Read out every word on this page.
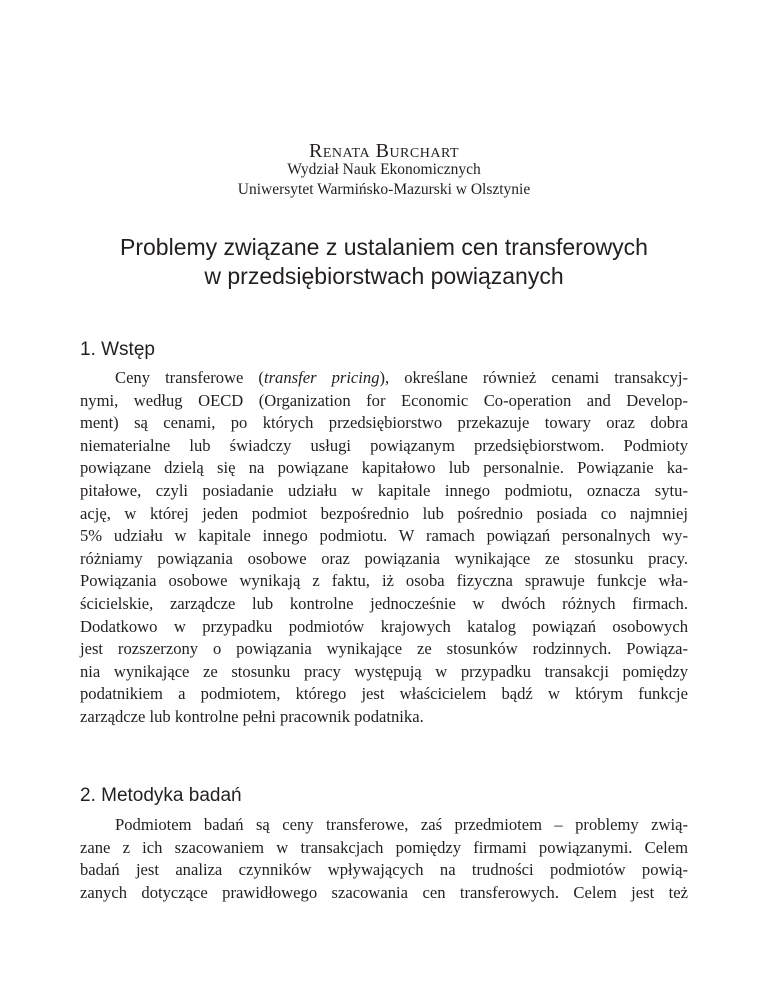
Renata Burchart
Wydział Nauk Ekonomicznych
Uniwersytet Warmińsko-Mazurski w Olsztynie
Problemy związane z ustalaniem cen transferowych
w przedsiębiorstwach powiązanych
1. Wstęp
Ceny transferowe (transfer pricing), określane również cenami transakcyj-
nymi, według OECD (Organization for Economic Co-operation and Develop-
ment) są cenami, po których przedsiębiorstwo przekazuje towary oraz dobra
niematerialne lub świadczy usługi powiązanym przedsiębiorstwom. Podmioty
powiązane dzielą się na powiązane kapitałowo lub personalnie. Powiązanie ka-
pitałowe, czyli posiadanie udziału w kapitale innego podmiotu, oznacza sytu-
ację, w której jeden podmiot bezpośrednio lub pośrednio posiada co najmniej
5% udziału w kapitale innego podmiotu. W ramach powiązań personalnych wy-
różniamy powiązania osobowe oraz powiązania wynikające ze stosunku pracy.
Powiązania osobowe wynikają z faktu, iż osoba fizyczna sprawuje funkcje wła-
ścicielskie, zarządcze lub kontrolne jednocześnie w dwóch różnych firmach.
Dodatkowo w przypadku podmiotów krajowych katalog powiązań osobowych
jest rozszerzony o powiązania wynikające ze stosunków rodzinnych. Powiąza-
nia wynikające ze stosunku pracy występują w przypadku transakcji pomiędzy
podatnikiem a podmiotem, którego jest właścicielem bądź w którym funkcje
zarządcze lub kontrolne pełni pracownik podatnika.
2. Metodyka badań
Podmiotem badań są ceny transferowe, zaś przedmiotem – problemy zwią-
zane z ich szacowaniem w transakcjach pomiędzy firmami powiązanymi. Celem
badań jest analiza czynników wpływających na trudności podmiotów powią-
zanych dotyczące prawidłowego szacowania cen transferowych. Celem jest też
